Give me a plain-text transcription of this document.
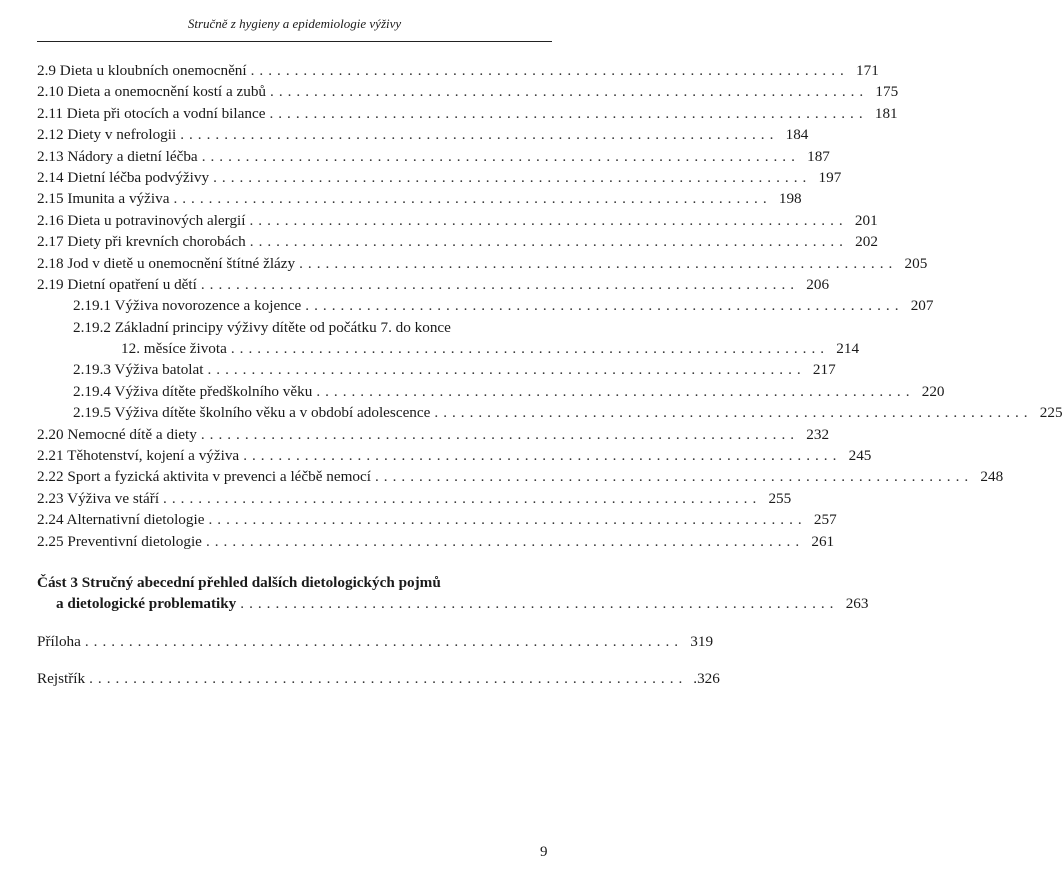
Stručně z hygieny a epidemiologie výživy
2.9 Dieta u kloubních onemocnění .................................................................... 171
2.10 Dieta a onemocnění kostí a zubů .................................................................... 175
2.11 Dieta při otocích a vodní bilance .................................................................... 181
2.12 Diety v nefrologii .................................................................... 184
2.13 Nádory a dietní léčba .................................................................... 187
2.14 Dietní léčba podvýživy .................................................................... 197
2.15 Imunita a výživa .................................................................... 198
2.16 Dieta u potravinových alergií .................................................................... 201
2.17 Diety při krevních chorobách .................................................................... 202
2.18 Jod v dietě u onemocnění štítné žlázy .................................................................... 205
2.19 Dietní opatření u dětí .................................................................... 206
2.19.1 Výživa novorozence a kojence .................................................................... 207
2.19.2 Základní principy výživy dítěte od počátku 7. do konce
12. měsíce života .................................................................... 214
2.19.3 Výživa batolat .................................................................... 217
2.19.4 Výživa dítěte předškolního věku .................................................................... 220
2.19.5 Výživa dítěte školního věku a v období adolescence .................................................................... 225
2.20 Nemocné dítě a diety .................................................................... 232
2.21 Těhotenství, kojení a výživa .................................................................... 245
2.22 Sport a fyzická aktivita v prevenci a léčbě nemocí .................................................................... 248
2.23 Výživa ve stáří .................................................................... 255
2.24 Alternativní dietologie .................................................................... 257
2.25 Preventivní dietologie .................................................................... 261
Část 3 Stručný abecední přehled dalších dietologických pojmů
a dietologické problematiky .................................................................... 263
Příloha .................................................................... 319
Rejstřík .................................................................... .326
9
